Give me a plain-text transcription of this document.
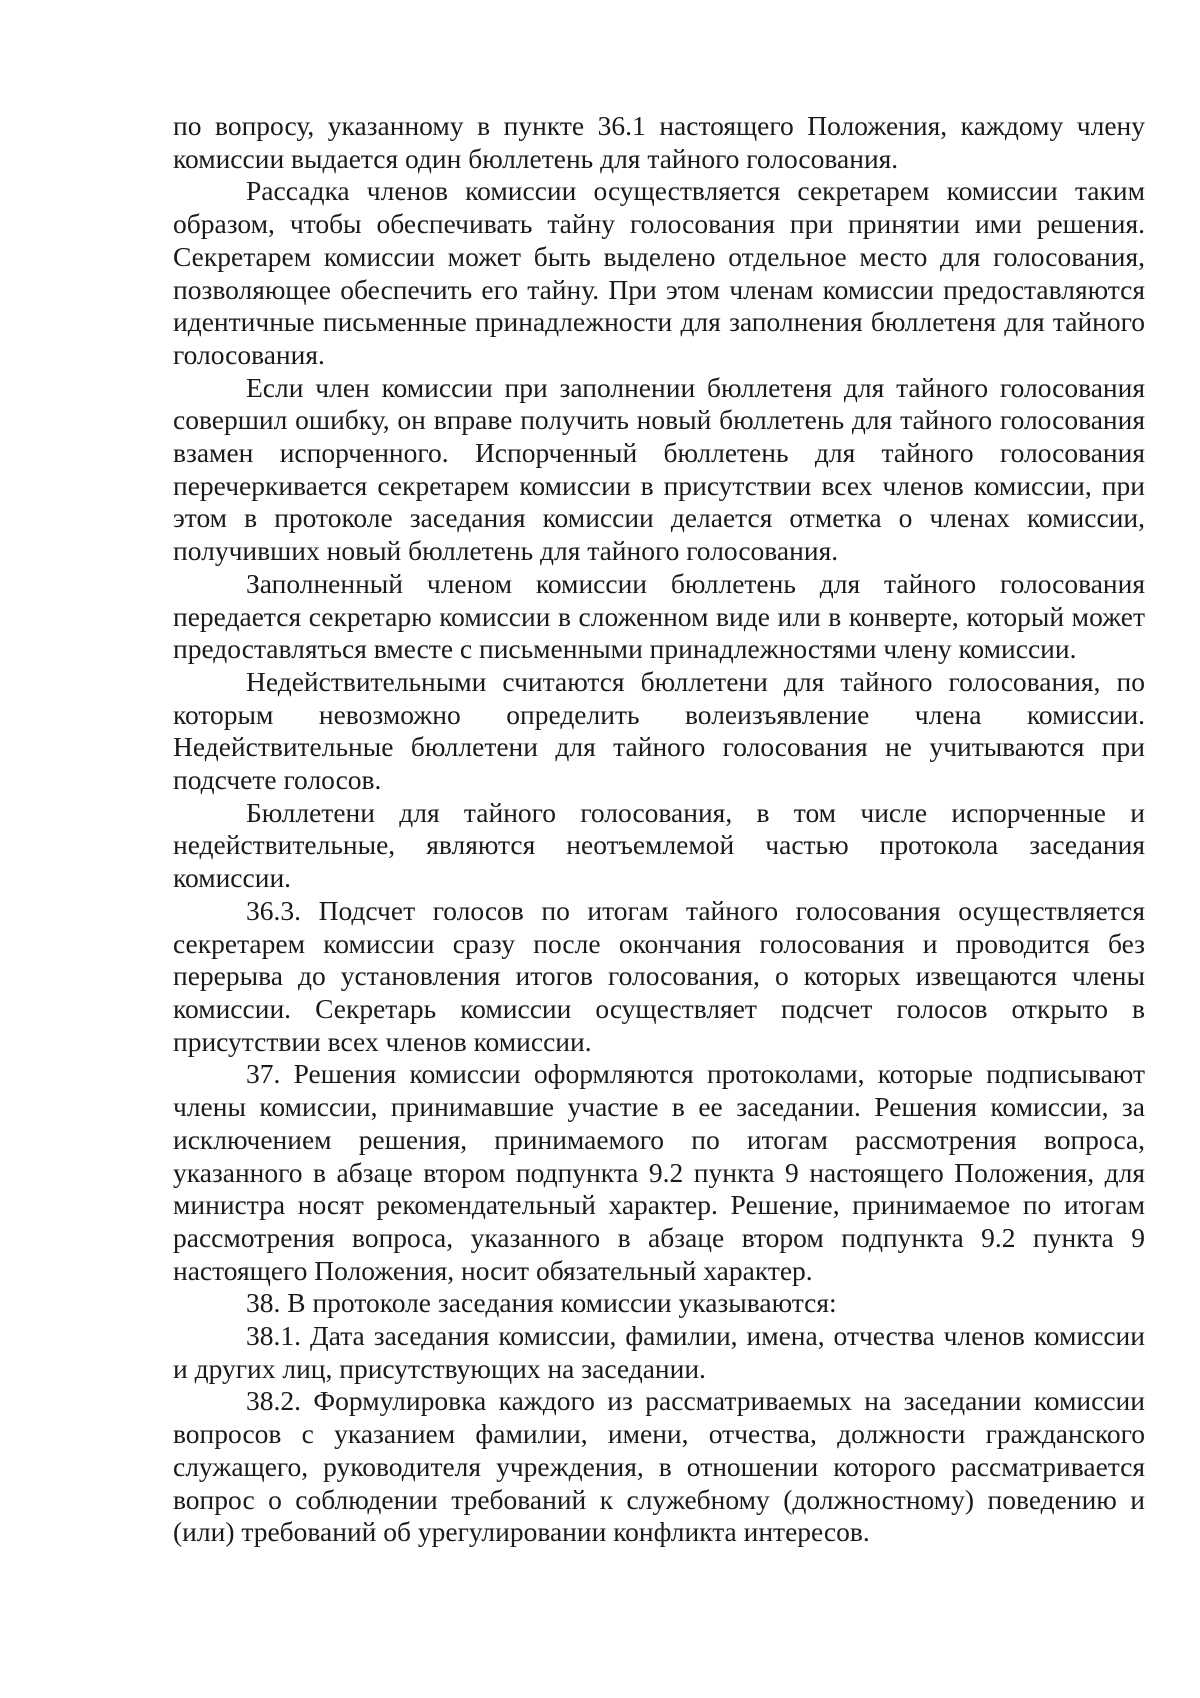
по вопросу, указанному в пункте 36.1 настоящего Положения, каждому члену комиссии выдается один бюллетень для тайного голосования.

Рассадка членов комиссии осуществляется секретарем комиссии таким образом, чтобы обеспечивать тайну голосования при принятии ими решения. Секретарем комиссии может быть выделено отдельное место для голосования, позволяющее обеспечить его тайну. При этом членам комиссии предоставляются идентичные письменные принадлежности для заполнения бюллетеня для тайного голосования.

Если член комиссии при заполнении бюллетеня для тайного голосования совершил ошибку, он вправе получить новый бюллетень для тайного голосования взамен испорченного. Испорченный бюллетень для тайного голосования перечеркивается секретарем комиссии в присутствии всех членов комиссии, при этом в протоколе заседания комиссии делается отметка о членах комиссии, получивших новый бюллетень для тайного голосования.

Заполненный членом комиссии бюллетень для тайного голосования передается секретарю комиссии в сложенном виде или в конверте, который может предоставляться вместе с письменными принадлежностями члену комиссии.

Недействительными считаются бюллетени для тайного голосования, по которым невозможно определить волеизъявление члена комиссии. Недействительные бюллетени для тайного голосования не учитываются при подсчете голосов.

Бюллетени для тайного голосования, в том числе испорченные и недействительные, являются неотъемлемой частью протокола заседания комиссии.

36.3. Подсчет голосов по итогам тайного голосования осуществляется секретарем комиссии сразу после окончания голосования и проводится без перерыва до установления итогов голосования, о которых извещаются члены комиссии. Секретарь комиссии осуществляет подсчет голосов открыто в присутствии всех членов комиссии.

37. Решения комиссии оформляются протоколами, которые подписывают члены комиссии, принимавшие участие в ее заседании. Решения комиссии, за исключением решения, принимаемого по итогам рассмотрения вопроса, указанного в абзаце втором подпункта 9.2 пункта 9 настоящего Положения, для министра носят рекомендательный характер. Решение, принимаемое по итогам рассмотрения вопроса, указанного в абзаце втором подпункта 9.2 пункта 9 настоящего Положения, носит обязательный характер.

38. В протоколе заседания комиссии указываются:

38.1. Дата заседания комиссии, фамилии, имена, отчества членов комиссии и других лиц, присутствующих на заседании.

38.2. Формулировка каждого из рассматриваемых на заседании комиссии вопросов с указанием фамилии, имени, отчества, должности гражданского служащего, руководителя учреждения, в отношении которого рассматривается вопрос о соблюдении требований к служебному (должностному) поведению и (или) требований об урегулировании конфликта интересов.
